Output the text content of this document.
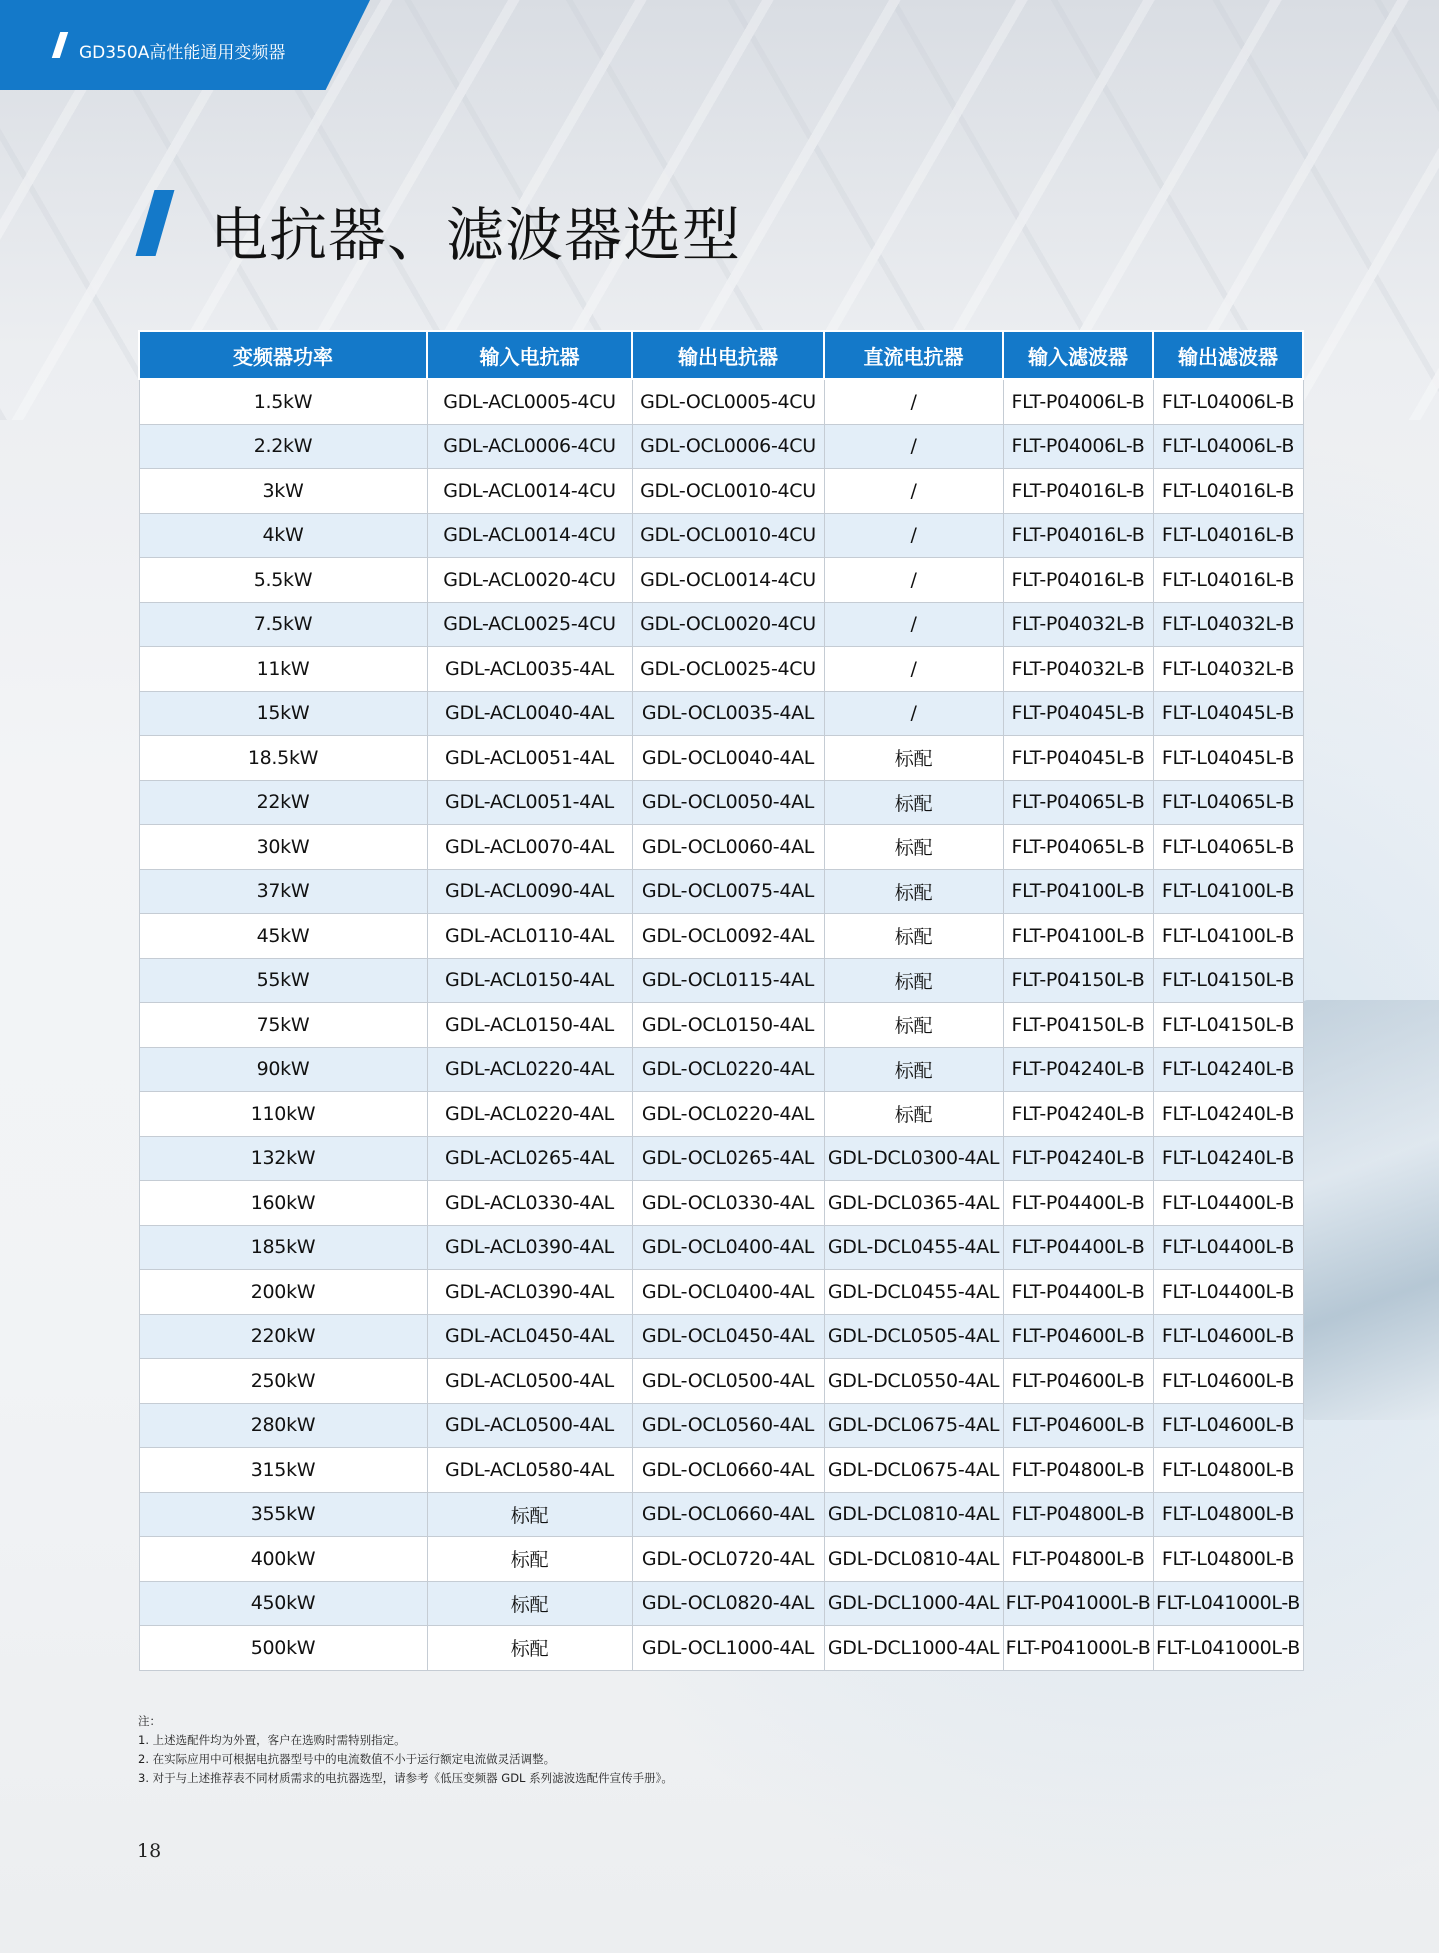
GD350A高性能通用变频器
电抗器、滤波器选型
变频器功率	输入电抗器	输出电抗器	直流电抗器	输入滤波器	输出滤波器
1.5kW	GDL-ACL0005-4CU	GDL-OCL0005-4CU	/	FLT-P04006L-B	FLT-L04006L-B
2.2kW	GDL-ACL0006-4CU	GDL-OCL0006-4CU	/	FLT-P04006L-B	FLT-L04006L-B
3kW	GDL-ACL0014-4CU	GDL-OCL0010-4CU	/	FLT-P04016L-B	FLT-L04016L-B
4kW	GDL-ACL0014-4CU	GDL-OCL0010-4CU	/	FLT-P04016L-B	FLT-L04016L-B
5.5kW	GDL-ACL0020-4CU	GDL-OCL0014-4CU	/	FLT-P04016L-B	FLT-L04016L-B
7.5kW	GDL-ACL0025-4CU	GDL-OCL0020-4CU	/	FLT-P04032L-B	FLT-L04032L-B
11kW	GDL-ACL0035-4AL	GDL-OCL0025-4CU	/	FLT-P04032L-B	FLT-L04032L-B
15kW	GDL-ACL0040-4AL	GDL-OCL0035-4AL	/	FLT-P04045L-B	FLT-L04045L-B
18.5kW	GDL-ACL0051-4AL	GDL-OCL0040-4AL	标配	FLT-P04045L-B	FLT-L04045L-B
22kW	GDL-ACL0051-4AL	GDL-OCL0050-4AL	标配	FLT-P04065L-B	FLT-L04065L-B
30kW	GDL-ACL0070-4AL	GDL-OCL0060-4AL	标配	FLT-P04065L-B	FLT-L04065L-B
37kW	GDL-ACL0090-4AL	GDL-OCL0075-4AL	标配	FLT-P04100L-B	FLT-L04100L-B
45kW	GDL-ACL0110-4AL	GDL-OCL0092-4AL	标配	FLT-P04100L-B	FLT-L04100L-B
55kW	GDL-ACL0150-4AL	GDL-OCL0115-4AL	标配	FLT-P04150L-B	FLT-L04150L-B
75kW	GDL-ACL0150-4AL	GDL-OCL0150-4AL	标配	FLT-P04150L-B	FLT-L04150L-B
90kW	GDL-ACL0220-4AL	GDL-OCL0220-4AL	标配	FLT-P04240L-B	FLT-L04240L-B
110kW	GDL-ACL0220-4AL	GDL-OCL0220-4AL	标配	FLT-P04240L-B	FLT-L04240L-B
132kW	GDL-ACL0265-4AL	GDL-OCL0265-4AL	GDL-DCL0300-4AL	FLT-P04240L-B	FLT-L04240L-B
160kW	GDL-ACL0330-4AL	GDL-OCL0330-4AL	GDL-DCL0365-4AL	FLT-P04400L-B	FLT-L04400L-B
185kW	GDL-ACL0390-4AL	GDL-OCL0400-4AL	GDL-DCL0455-4AL	FLT-P04400L-B	FLT-L04400L-B
200kW	GDL-ACL0390-4AL	GDL-OCL0400-4AL	GDL-DCL0455-4AL	FLT-P04400L-B	FLT-L04400L-B
220kW	GDL-ACL0450-4AL	GDL-OCL0450-4AL	GDL-DCL0505-4AL	FLT-P04600L-B	FLT-L04600L-B
250kW	GDL-ACL0500-4AL	GDL-OCL0500-4AL	GDL-DCL0550-4AL	FLT-P04600L-B	FLT-L04600L-B
280kW	GDL-ACL0500-4AL	GDL-OCL0560-4AL	GDL-DCL0675-4AL	FLT-P04600L-B	FLT-L04600L-B
315kW	GDL-ACL0580-4AL	GDL-OCL0660-4AL	GDL-DCL0675-4AL	FLT-P04800L-B	FLT-L04800L-B
355kW	标配	GDL-OCL0660-4AL	GDL-DCL0810-4AL	FLT-P04800L-B	FLT-L04800L-B
400kW	标配	GDL-OCL0720-4AL	GDL-DCL0810-4AL	FLT-P04800L-B	FLT-L04800L-B
450kW	标配	GDL-OCL0820-4AL	GDL-DCL1000-4AL	FLT-P041000L-B	FLT-L041000L-B
500kW	标配	GDL-OCL1000-4AL	GDL-DCL1000-4AL	FLT-P041000L-B	FLT-L041000L-B
注：
1. 上述选配件均为外置，客户在选购时需特别指定。
2. 在实际应用中可根据电抗器型号中的电流数值不小于运行额定电流做灵活调整。
3. 对于与上述推荐表不同材质需求的电抗器选型，请参考《低压变频器 GDL 系列滤波选配件宣传手册》。
18
